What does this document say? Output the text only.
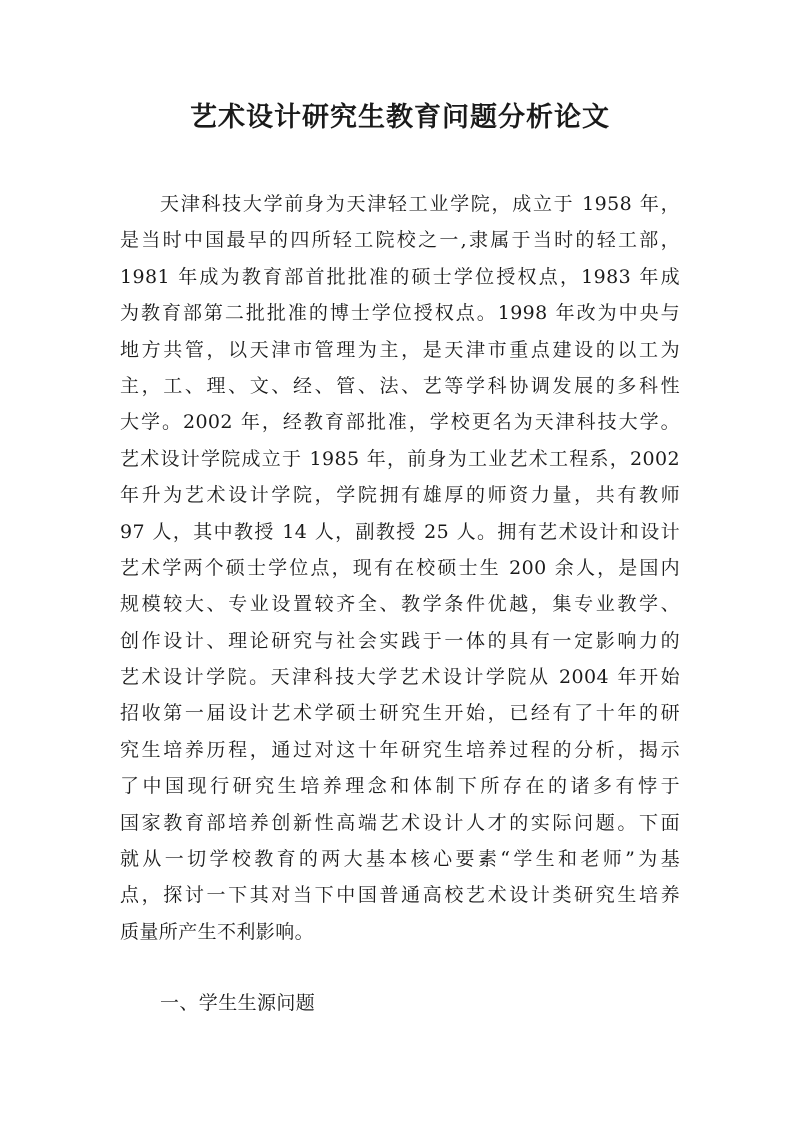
艺术设计研究生教育问题分析论文
天津科技大学前身为天津轻工业学院，成立于 1958 年，
是当时中国最早的四所轻工院校之一,隶属于当时的轻工部，
1981 年成为教育部首批批准的硕士学位授权点，1983 年成
为教育部第二批批准的博士学位授权点。1998 年改为中央与
地方共管，以天津市管理为主，是天津市重点建设的以工为
主，工、理、文、经、管、法、艺等学科协调发展的多科性
大学。2002 年，经教育部批准，学校更名为天津科技大学。
艺术设计学院成立于 1985 年，前身为工业艺术工程系，2002
年升为艺术设计学院，学院拥有雄厚的师资力量，共有教师
97 人，其中教授 14 人，副教授 25 人。拥有艺术设计和设计
艺术学两个硕士学位点，现有在校硕士生 200 余人，是国内
规模较大、专业设置较齐全、教学条件优越，集专业教学、
创作设计、理论研究与社会实践于一体的具有一定影响力的
艺术设计学院。天津科技大学艺术设计学院从 2004 年开始
招收第一届设计艺术学硕士研究生开始，已经有了十年的研
究生培养历程，通过对这十年研究生培养过程的分析，揭示
了中国现行研究生培养理念和体制下所存在的诸多有悖于
国家教育部培养创新性高端艺术设计人才的实际问题。下面
就从一切学校教育的两大基本核心要素“学生和老师”为基
点，探讨一下其对当下中国普通高校艺术设计类研究生培养
质量所产生不利影响。
一、学生生源问题
